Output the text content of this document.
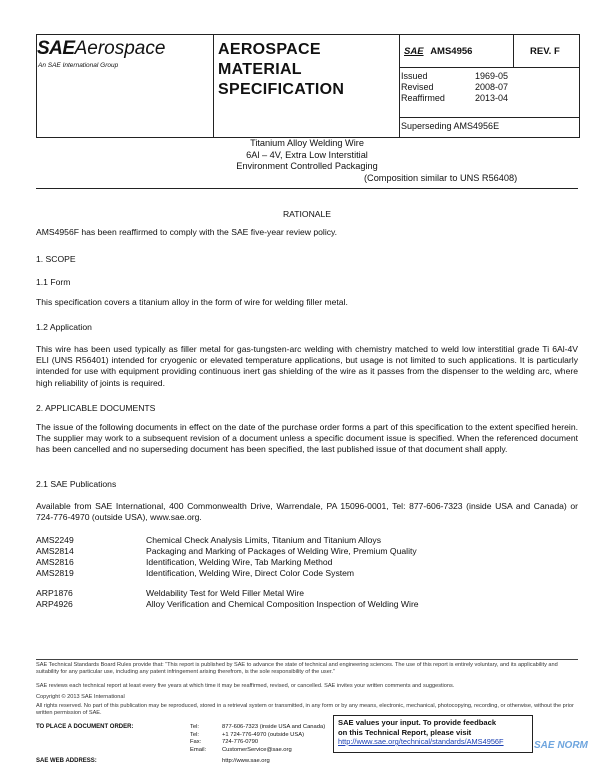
SAEAerospace
An SAE International Group
AEROSPACE
MATERIAL
SPECIFICATION
SAE AMS4956	REV. F
Issued	1969-05
Revised	2008-07
Reaffirmed	2013-04
Superseding AMS4956E
Titanium Alloy Welding Wire
6Al – 4V, Extra Low Interstitial
Environment Controlled Packaging
(Composition similar to UNS R56408)
RATIONALE
AMS4956F has been reaffirmed to comply with the SAE five-year review policy.
1. SCOPE
1.1 Form
This specification covers a titanium alloy in the form of wire for welding filler metal.
1.2 Application
This wire has been used typically as filler metal for gas-tungsten-arc welding with chemistry matched to weld low interstitial grade Ti 6Al-4V ELI (UNS R56401) intended for cryogenic or elevated temperature applications, but usage is not limited to such applications. It is particularly intended for use with equipment providing continuous inert gas shielding of the wire as it passes from the dispenser to the welding arc, where high reliability of joints is required.
2. APPLICABLE DOCUMENTS
The issue of the following documents in effect on the date of the purchase order forms a part of this specification to the extent specified herein. The supplier may work to a subsequent revision of a document unless a specific document issue is specified. When the referenced document has been cancelled and no superseding document has been specified, the last published issue of that document shall apply.
2.1 SAE Publications
Available from SAE International, 400 Commonwealth Drive, Warrendale, PA 15096-0001, Tel: 877-606-7323 (inside USA and Canada) or 724-776-4970 (outside USA), www.sae.org.
AMS2249	Chemical Check Analysis Limits, Titanium and Titanium Alloys
AMS2814	Packaging and Marking of Packages of Welding Wire, Premium Quality
AMS2816	Identification, Welding Wire, Tab Marking Method
AMS2819	Identification, Welding Wire, Direct Color Code System
ARP1876	Weldability Test for Weld Filler Metal Wire
ARP4926	Alloy Verification and Chemical Composition Inspection of Welding Wire
SAE Technical Standards Board Rules provide that: “This report is published by SAE to advance the state of technical and engineering sciences. The use of this report is entirely voluntary, and its applicability and suitability for any particular use, including any patent infringement arising therefrom, is the sole responsibility of the user.”
SAE reviews each technical report at least every five years at which time it may be reaffirmed, revised, or cancelled. SAE invites your written comments and suggestions.
Copyright © 2013 SAE International
All rights reserved. No part of this publication may be reproduced, stored in a retrieval system or transmitted, in any form or by any means, electronic, mechanical, photocopying, recording, or otherwise, without the prior written permission of SAE.
TO PLACE A DOCUMENT ORDER:	Tel:	877-606-7323 (inside USA and Canada)
Tel:	+1 724-776-4970 (outside USA)
Fax:	724-776-0790
Email:	CustomerService@sae.org
SAE WEB ADDRESS:	http://www.sae.org
SAE values your input. To provide feedback
on this Technical Report, please visit
http://www.sae.org/technical/standards/AMS4956F	SAE NORM
